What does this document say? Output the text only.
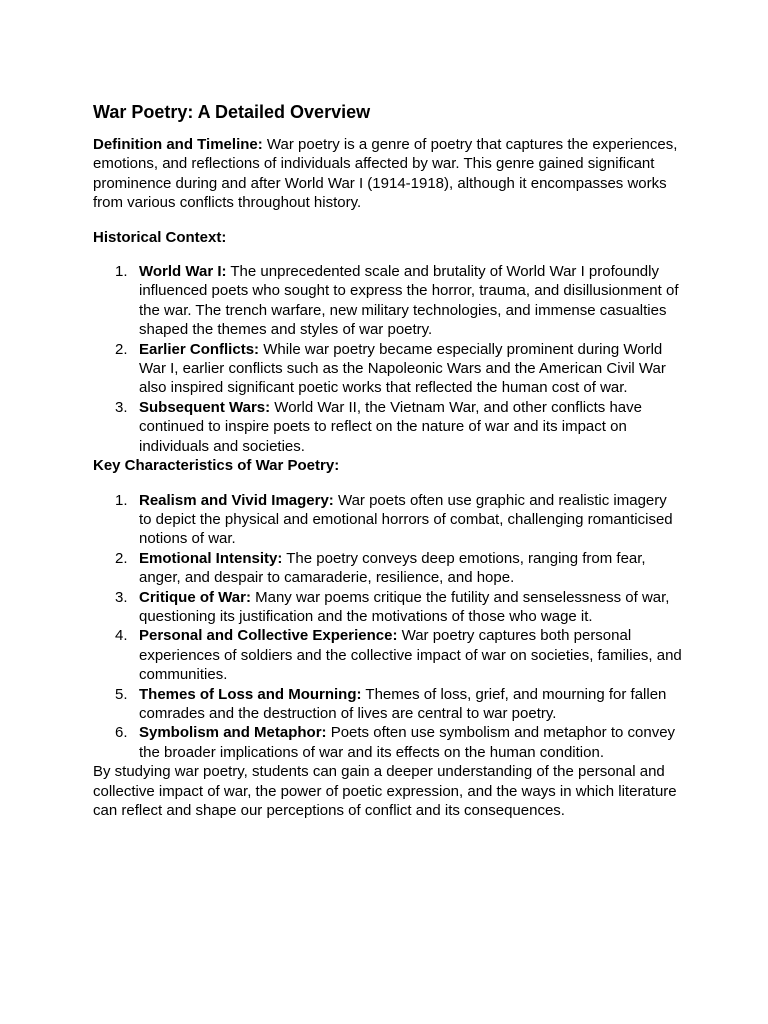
War Poetry: A Detailed Overview

Definition and Timeline: War poetry is a genre of poetry that captures the experiences, emotions, and reflections of individuals affected by war. This genre gained significant prominence during and after World War I (1914-1918), although it encompasses works from various conflicts throughout history.

Historical Context:

1. World War I: The unprecedented scale and brutality of World War I profoundly influenced poets who sought to express the horror, trauma, and disillusionment of the war. The trench warfare, new military technologies, and immense casualties shaped the themes and styles of war poetry.
2. Earlier Conflicts: While war poetry became especially prominent during World War I, earlier conflicts such as the Napoleonic Wars and the American Civil War also inspired significant poetic works that reflected the human cost of war.
3. Subsequent Wars: World War II, the Vietnam War, and other conflicts have continued to inspire poets to reflect on the nature of war and its impact on individuals and societies.

Key Characteristics of War Poetry:

1. Realism and Vivid Imagery: War poets often use graphic and realistic imagery to depict the physical and emotional horrors of combat, challenging romanticised notions of war.
2. Emotional Intensity: The poetry conveys deep emotions, ranging from fear, anger, and despair to camaraderie, resilience, and hope.
3. Critique of War: Many war poems critique the futility and senselessness of war, questioning its justification and the motivations of those who wage it.
4. Personal and Collective Experience: War poetry captures both personal experiences of soldiers and the collective impact of war on societies, families, and communities.
5. Themes of Loss and Mourning: Themes of loss, grief, and mourning for fallen comrades and the destruction of lives are central to war poetry.
6. Symbolism and Metaphor: Poets often use symbolism and metaphor to convey the broader implications of war and its effects on the human condition.

By studying war poetry, students can gain a deeper understanding of the personal and collective impact of war, the power of poetic expression, and the ways in which literature can reflect and shape our perceptions of conflict and its consequences.
